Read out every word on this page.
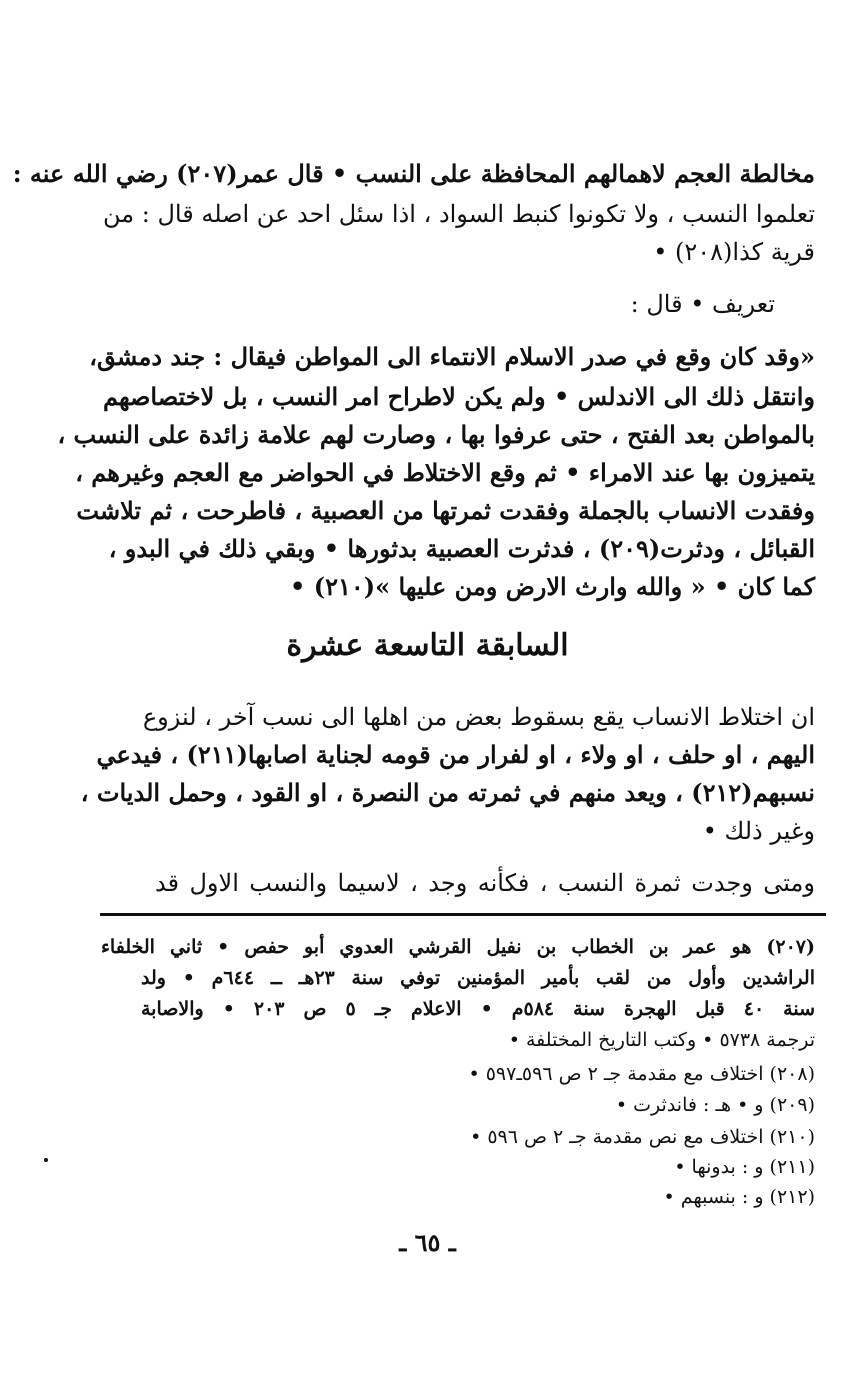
مخالطة العجم لاهمالهم المحافظة على النسب • قال عمر(٢٠٧) رضي الله عنه :
تعلموا النسب ، ولا تكونوا كنبط السواد ، اذا سئل احد عن اصله قال : من
قرية كذا(٢٠٨) •
تعريف • قال :
«وقد كان وقع في صدر الاسلام الانتماء الى المواطن فيقال : جند دمشق،
وانتقل ذلك الى الاندلس • ولم يكن لاطراح امر النسب ، بل لاختصاصهم
بالمواطن بعد الفتح ، حتى عرفوا بها ، وصارت لهم علامة زائدة على النسب ،
يتميزون بها عند الامراء • ثم وقع الاختلاط في الحواضر مع العجم وغيرهم ،
وفقدت الانساب بالجملة وفقدت ثمرتها من العصبية ، فاطرحت ، ثم تلاشت
القبائل ، ودثرت(٢٠٩) ، فدثرت العصبية بدثورها • وبقي ذلك في البدو ،
كما كان • « والله وارث الارض ومن عليها »(٢١٠) •
السابقة التاسعة عشرة
ان اختلاط الانساب يقع بسقوط بعض من اهلها الى نسب آخر ، لنزوع
اليهم ، او حلف ، او ولاء ، او لفرار من قومه لجناية اصابها(٢١١) ، فيدعي
نسبهم(٢١٢) ، ويعد منهم في ثمرته من النصرة ، او القود ، وحمل الديات ،
وغير ذلك •
ومتى وجدت ثمرة النسب ، فكأنه وجد ، لاسيما والنسب الاول قد
(٢٠٧) هو عمر بن الخطاب بن نفيل القرشي العدوي أبو حفص • ثاني الخلفاء
الراشدين وأول من لقب بأمير المؤمنين توفي سنة ٢٣هـ ــ ٦٤٤م • ولد
سنة ٤٠ قبل الهجرة سنة ٥٨٤م • الاعلام جـ ٥ ص ٢٠٣ • والاصابة
ترجمة ٥٧٣٨ • وكتب التاريخ المختلفة •
(٢٠٨) اختلاف مع مقدمة جـ ٢ ص ٥٩٦ـ٥٩٧ •
(٢٠٩) و • هـ : فاندثرت •
(٢١٠) اختلاف مع نص مقدمة جـ ٢ ص ٥٩٦ •
(٢١١) و : بدونها •
(٢١٢) و : بنسبهم •
ـ ٦٥ ـ
